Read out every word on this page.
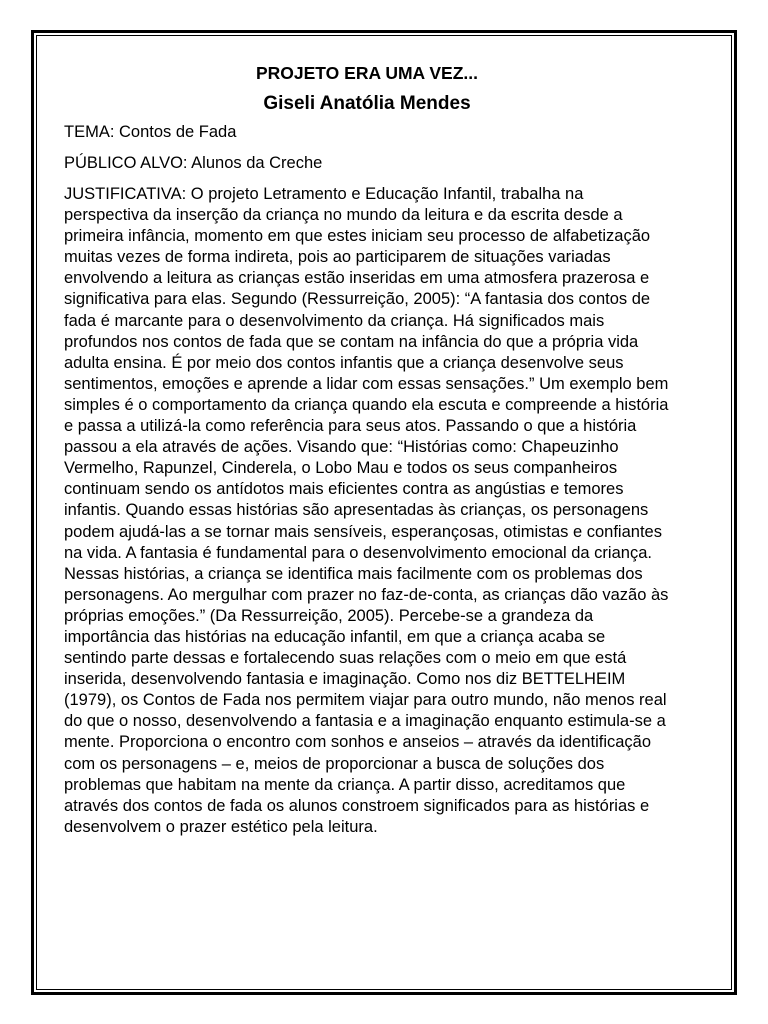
PROJETO ERA UMA VEZ...
Giseli Anatólia Mendes

TEMA: Contos de Fada

PÚBLICO ALVO: Alunos da Creche

JUSTIFICATIVA: O projeto Letramento e Educação Infantil, trabalha na perspectiva da inserção da criança no mundo da leitura e da escrita desde a primeira infância, momento em que estes iniciam seu processo de alfabetização muitas vezes de forma indireta, pois ao participarem de situações variadas envolvendo a leitura as crianças estão inseridas em uma atmosfera prazerosa e significativa para elas. Segundo (Ressurreição, 2005): “A fantasia dos contos de fada é marcante para o desenvolvimento da criança. Há significados mais profundos nos contos de fada que se contam na infância do que a própria vida adulta ensina. É por meio dos contos infantis que a criança desenvolve seus sentimentos, emoções e aprende a lidar com essas sensações.” Um exemplo bem simples é o comportamento da criança quando ela escuta e compreende a história e passa a utilizá-la como referência para seus atos. Passando o que a história passou a ela através de ações. Visando que: “Histórias como: Chapeuzinho Vermelho, Rapunzel, Cinderela, o Lobo Mau e todos os seus companheiros continuam sendo os antídotos mais eficientes contra as angústias e temores infantis. Quando essas histórias são apresentadas às crianças, os personagens podem ajudá-las a se tornar mais sensíveis, esperançosas, otimistas e confiantes na vida. A fantasia é fundamental para o desenvolvimento emocional da criança. Nessas histórias, a criança se identifica mais facilmente com os problemas dos personagens. Ao mergulhar com prazer no faz-de-conta, as crianças dão vazão às próprias emoções.” (Da Ressurreição, 2005). Percebe-se a grandeza da importância das histórias na educação infantil, em que a criança acaba se sentindo parte dessas e fortalecendo suas relações com o meio em que está inserida, desenvolvendo fantasia e imaginação. Como nos diz BETTELHEIM (1979), os Contos de Fada nos permitem viajar para outro mundo, não menos real do que o nosso, desenvolvendo a fantasia e a imaginação enquanto estimula-se a mente. Proporciona o encontro com sonhos e anseios – através da identificação com os personagens – e, meios de proporcionar a busca de soluções dos problemas que habitam na mente da criança. A partir disso, acreditamos que através dos contos de fada os alunos constroem significados para as histórias e desenvolvem o prazer estético pela leitura.
